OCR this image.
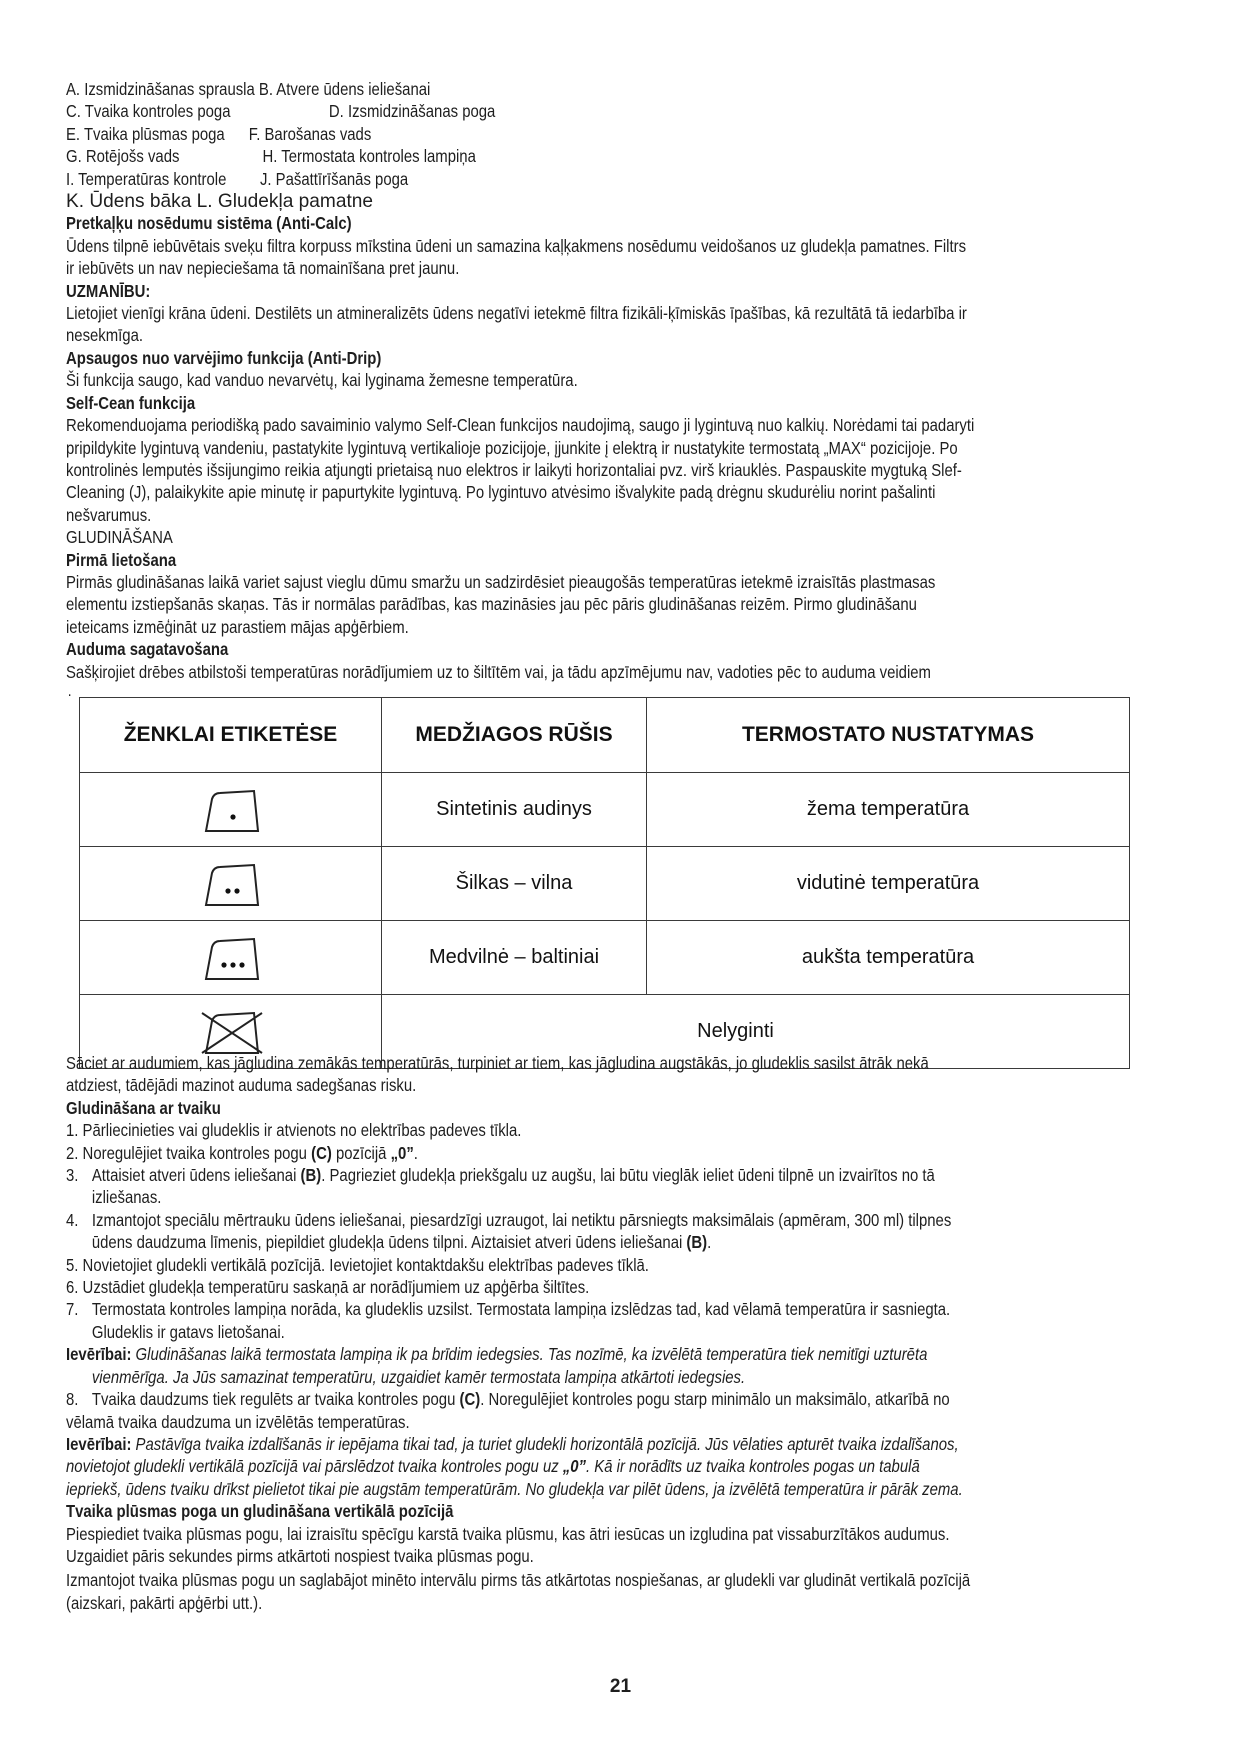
A. Izsmidzināšanas sprausla B. Atvere ūdens ieliešanai
C. Tvaika kontroles poga	D. Izsmidzināšanas poga
E. Tvaika plūsmas poga F. Barošanas vads
G. Rotējošs vads	H. Termostata kontroles lampiņa
I. Temperatūras kontrole J. Pašattīrīšanās poga
K. Ūdens bāka L. Gludekļa pamatne
Pretkaļķu nosēdumu sistēma (Anti-Calc)
Ūdens tilpnē iebūvētais sveķu filtra korpuss mīkstina ūdeni un samazina kaļķakmens nosēdumu veidošanos uz gludekļa pamatnes. Filtrs
ir iebūvēts un nav nepieciešama tā nomainīšana pret jaunu.
UZMANĪBU:
Lietojiet vienīgi krāna ūdeni. Destilēts un atmineralizēts ūdens negatīvi ietekmē filtra fizikāli-ķīmiskās īpašības, kā rezultātā tā iedarbība ir
nesekmīga.
Apsaugos nuo varvėjimo funkcija (Anti-Drip)
Ši funkcija saugo, kad vanduo nevarvėtų, kai lyginama žemesne temperatūra.
Self-Cean funkcija
Rekomenduojama periodišką pado savaiminio valymo Self-Clean funkcijos naudojimą, saugo ji lygintuvą nuo kalkių. Norėdami tai padaryti
pripildykite lygintuvą vandeniu, pastatykite lygintuvą vertikalioje pozicijoje, įjunkite į elektrą ir nustatykite termostatą „MAX“ pozicijoje. Po
kontrolinės lemputės išsijungimo reikia atjungti prietaisą nuo elektros ir laikyti horizontaliai pvz. virš kriauklės. Paspauskite mygtuką Slef-
Cleaning (J), palaikykite apie minutę ir papurtykite lygintuvą. Po lygintuvo atvėsimo išvalykite padą drėgnu skudurėliu norint pašalinti
nešvarumus.
GLUDINĀŠANA
Pirmā lietošana
Pirmās gludināšanas laikā variet sajust vieglu dūmu smaržu un sadzirdēsiet pieaugošās temperatūras ietekmē izraisītās plastmasas
elementu izstiepšanās skaņas. Tās ir normālas parādības, kas mazināsies jau pēc pāris gludināšanas reizēm. Pirmo gludināšanu
ieteicams izmēģināt uz parastiem mājas apģērbiem.
Auduma sagatavošana
Sašķirojiet drēbes atbilstoši temperatūras norādījumiem uz to šiltītēm vai, ja tādu apzīmējumu nav, vadoties pēc to auduma veidiem
.
ŽENKLAI ETIKETĖSE	MEDŽIAGOS RŪŠIS	TERMOSTATO NUSTATYMAS

	Sintetinis audinys	žema temperatūra

	Šilkas – vilna	vidutinė temperatūra

	Medvilnė – baltiniai	aukšta temperatūra

	Nelyginti	
Sāciet ar audumiem, kas jāgludina zemākās temperatūrās, turpiniet ar tiem, kas jāgludina augstākās, jo gludeklis sasilst ātrāk nekā
atdziest, tādējādi mazinot auduma sadegšanas risku.
Gludināšana ar tvaiku
1. Pārliecinieties vai gludeklis ir atvienots no elektrības padeves tīkla.
2. Noregulējiet tvaika kontroles pogu (C) pozīcijā „0”.
3. Attaisiet atveri ūdens ieliešanai (B). Pagrieziet gludekļa priekšgalu uz augšu, lai būtu vieglāk ieliet ūdeni tilpnē un izvairītos no tā
izliešanas.
4. Izmantojot speciālu mērtrauku ūdens ieliešanai, piesardzīgi uzraugot, lai netiktu pārsniegts maksimālais (apmēram, 300 ml) tilpnes
ūdens daudzuma līmenis, piepildiet gludekļa ūdens tilpni. Aiztaisiet atveri ūdens ieliešanai (B).
5. Novietojiet gludekli vertikālā pozīcijā. Ievietojiet kontaktdakšu elektrības padeves tīklā.
6. Uzstādiet gludekļa temperatūru saskaņā ar norādījumiem uz apģērba šiltītes.
7. Termostata kontroles lampiņa norāda, ka gludeklis uzsilst. Termostata lampiņa izslēdzas tad, kad vēlamā temperatūra ir sasniegta.
Gludeklis ir gatavs lietošanai.
Ievērībai: Gludināšanas laikā termostata lampiņa ik pa brīdim iedegsies. Tas nozīmē, ka izvēlētā temperatūra tiek nemitīgi uzturēta
vienmērīga. Ja Jūs samazinat temperatūru, uzgaidiet kamēr termostata lampiņa atkārtoti iedegsies.
8. Tvaika daudzums tiek regulēts ar tvaika kontroles pogu (C). Noregulējiet kontroles pogu starp minimālo un maksimālo, atkarībā no
vēlamā tvaika daudzuma un izvēlētās temperatūras.
Ievērībai: Pastāvīga tvaika izdalīšanās ir iepējama tikai tad, ja turiet gludekli horizontālā pozīcijā. Jūs vēlaties apturēt tvaika izdalīšanos,
novietojot gludekli vertikālā pozīcijā vai pārslēdzot tvaika kontroles pogu uz „0”. Kā ir norādīts uz tvaika kontroles pogas un tabulā
iepriekš, ūdens tvaiku drīkst pielietot tikai pie augstām temperatūrām. No gludekļa var pilēt ūdens, ja izvēlētā temperatūra ir pārāk zema.
Tvaika plūsmas poga un gludināšana vertikālā pozīcijā
Piespiediet tvaika plūsmas pogu, lai izraisītu spēcīgu karstā tvaika plūsmu, kas ātri iesūcas un izgludina pat vissaburzītākos audumus.
Uzgaidiet pāris sekundes pirms atkārtoti nospiest tvaika plūsmas pogu.
Izmantojot tvaika plūsmas pogu un saglabājot minēto intervālu pirms tās atkārtotas nospiešanas, ar gludekli var gludināt vertikalā pozīcijā
(aizskari, pakārti apģērbi utt.).
21
